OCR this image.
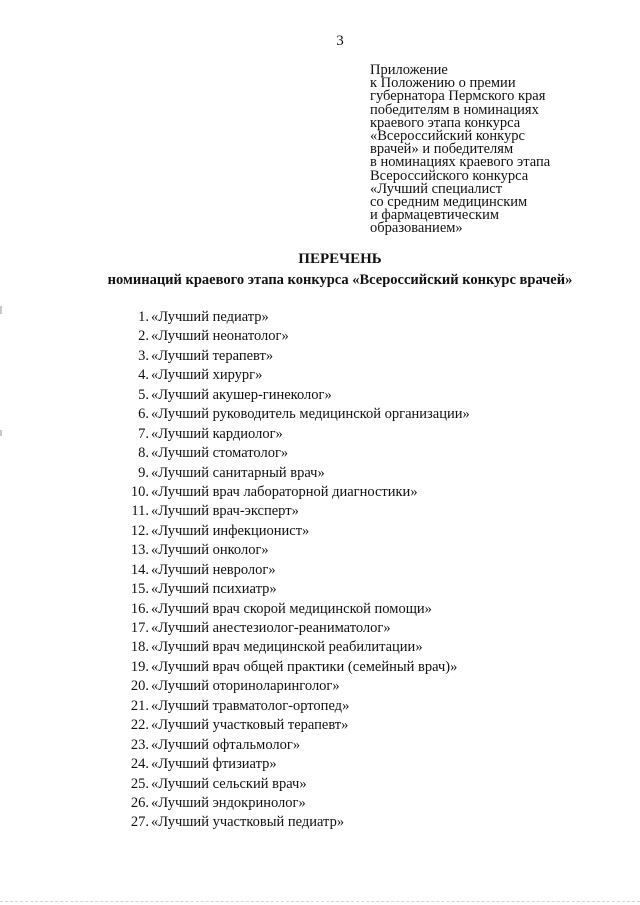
3
Приложение
к Положению о премии
губернатора Пермского края
победителям в номинациях
краевого этапа конкурса
«Всероссийский конкурс
врачей» и победителям
в номинациях краевого этапа
Всероссийского конкурса
«Лучший специалист
со средним медицинским
и фармацевтическим
образованием»
ПЕРЕЧЕНЬ
номинаций краевого этапа конкурса «Всероссийский конкурс врачей»
1. «Лучший педиатр»
2. «Лучший неонатолог»
3. «Лучший терапевт»
4. «Лучший хирург»
5. «Лучший акушер-гинеколог»
6. «Лучший руководитель медицинской организации»
7. «Лучший кардиолог»
8. «Лучший стоматолог»
9. «Лучший санитарный врач»
10. «Лучший врач лабораторной диагностики»
11. «Лучший врач-эксперт»
12. «Лучший инфекционист»
13. «Лучший онколог»
14. «Лучший невролог»
15. «Лучший психиатр»
16. «Лучший врач скорой медицинской помощи»
17. «Лучший анестезиолог-реаниматолог»
18. «Лучший врач медицинской реабилитации»
19. «Лучший врач общей практики (семейный врач)»
20. «Лучший оториноларинголог»
21. «Лучший травматолог-ортопед»
22. «Лучший участковый терапевт»
23. «Лучший офтальмолог»
24. «Лучший фтизиатр»
25. «Лучший сельский врач»
26. «Лучший эндокринолог»
27. «Лучший участковый педиатр»
